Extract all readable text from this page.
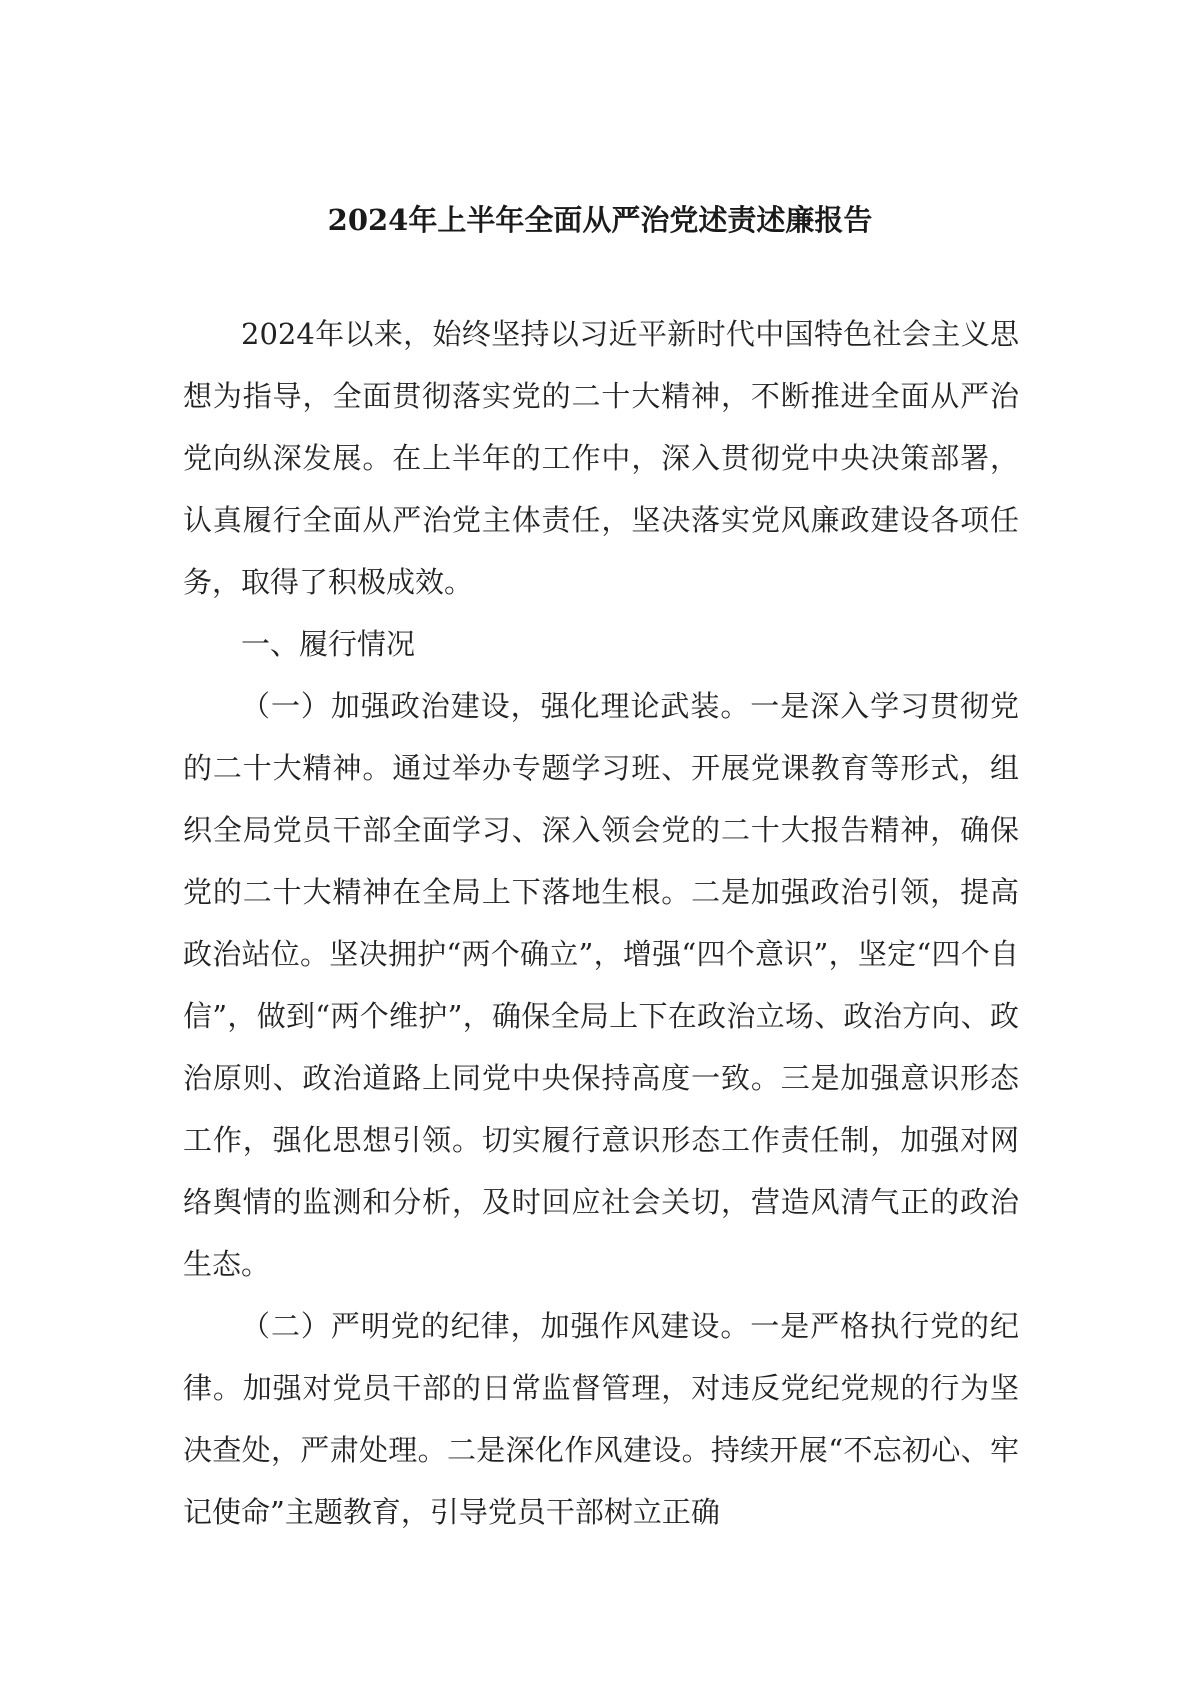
2024年上半年全面从严治党述责述廉报告

2024年以来，始终坚持以习近平新时代中国特色社会主义思想为指导，全面贯彻落实党的二十大精神，不断推进全面从严治党向纵深发展。在上半年的工作中，深入贯彻党中央决策部署，认真履行全面从严治党主体责任，坚决落实党风廉政建设各项任务，取得了积极成效。

一、履行情况

（一）加强政治建设，强化理论武装。一是深入学习贯彻党的二十大精神。通过举办专题学习班、开展党课教育等形式，组织全局党员干部全面学习、深入领会党的二十大报告精神，确保党的二十大精神在全局上下落地生根。二是加强政治引领，提高政治站位。坚决拥护“两个确立”，增强“四个意识”，坚定“四个自信”，做到“两个维护”，确保全局上下在政治立场、政治方向、政治原则、政治道路上同党中央保持高度一致。三是加强意识形态工作，强化思想引领。切实履行意识形态工作责任制，加强对网络舆情的监测和分析，及时回应社会关切，营造风清气正的政治生态。

（二）严明党的纪律，加强作风建设。一是严格执行党的纪律。加强对党员干部的日常监督管理，对违反党纪党规的行为坚决查处，严肃处理。二是深化作风建设。持续开展“不忘初心、牢记使命”主题教育，引导党员干部树立正确
